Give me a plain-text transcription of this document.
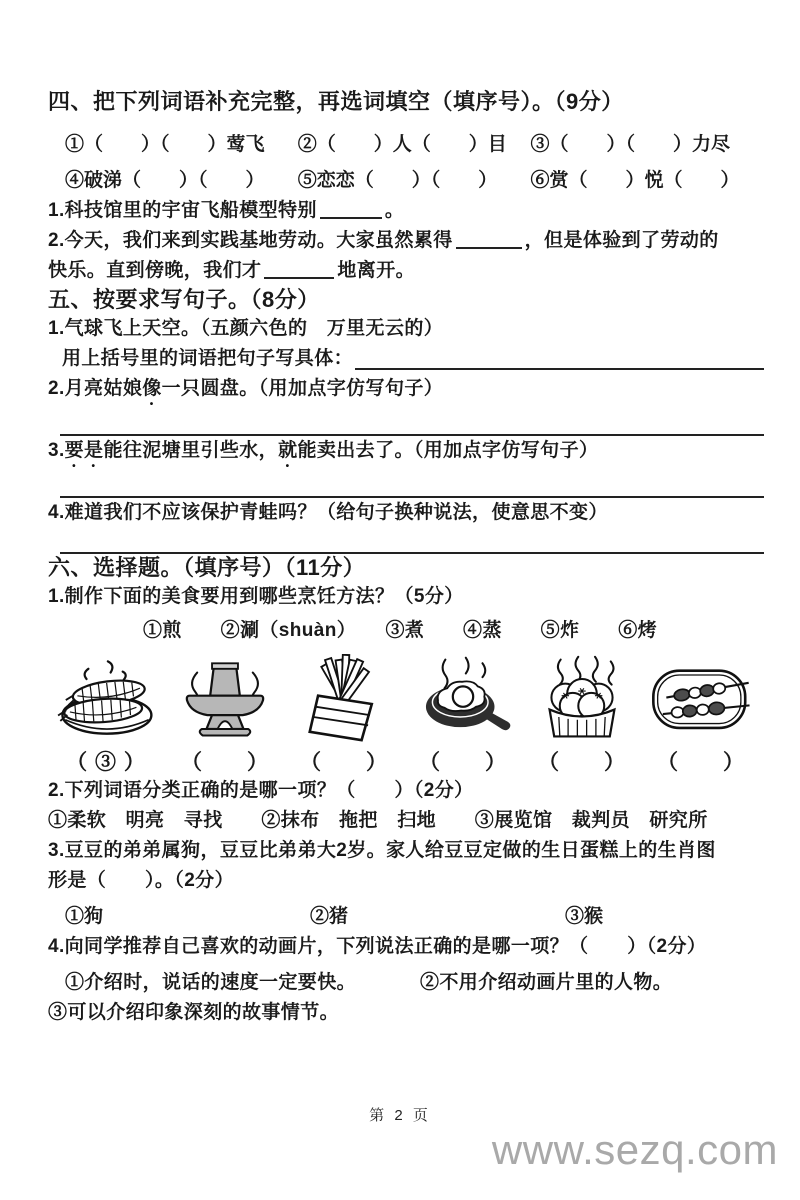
四、把下列词语补充完整，再选词填空（填序号）。（9分）
①（　　）（　　）莺飞	②（　　）人（　　）目	③（　　）（　　）力尽
④破涕（　　）（　　）	⑤恋恋（　　）（　　）	⑥赏（　　）悦（　　）

1.科技馆里的宇宙飞船模型特别	。

2.今天，我们来到实践基地劳动。大家虽然累得	，但是体验到了劳动的

快乐。直到傍晚，我们才	地离开。

五、按要求写句子。（8分）

1.气球飞上天空。（五颜六色的　万里无云的）

用上括号里的词语把句子写具体：

2.月亮姑娘像一只圆盘。（用加点字仿写句子）

3.要是能往泥塘里引些水，就能卖出去了。（用加点字仿写句子）

4.难道我们不应该保护青蛙吗？（给句子换种说法，使意思不变）

六、选择题。（填序号）（11分）

1.制作下面的美食要用到哪些烹饪方法？（5分）

①煎　　②涮（shuàn）　　③煮　　④蒸　　⑤炸　　⑥烤

（ ③ ） （　　） （　　） （　　） （　　） （　　）

2.下列词语分类正确的是哪一项？（　　）（2分）

①柔软　明亮　寻找　　②抹布　拖把　扫地　　③展览馆　裁判员　研究所

3.豆豆的弟弟属狗，豆豆比弟弟大2岁。家人给豆豆定做的生日蛋糕上的生肖图

形是（　　）。（2分）

①狗	②猪	③猴

4.向同学推荐自己喜欢的动画片，下列说法正确的是哪一项？（　　）（2分）

①介绍时，说话的速度一定要快。	②不用介绍动画片里的人物。

③可以介绍印象深刻的故事情节。

第 2 页
www.sezq.com
